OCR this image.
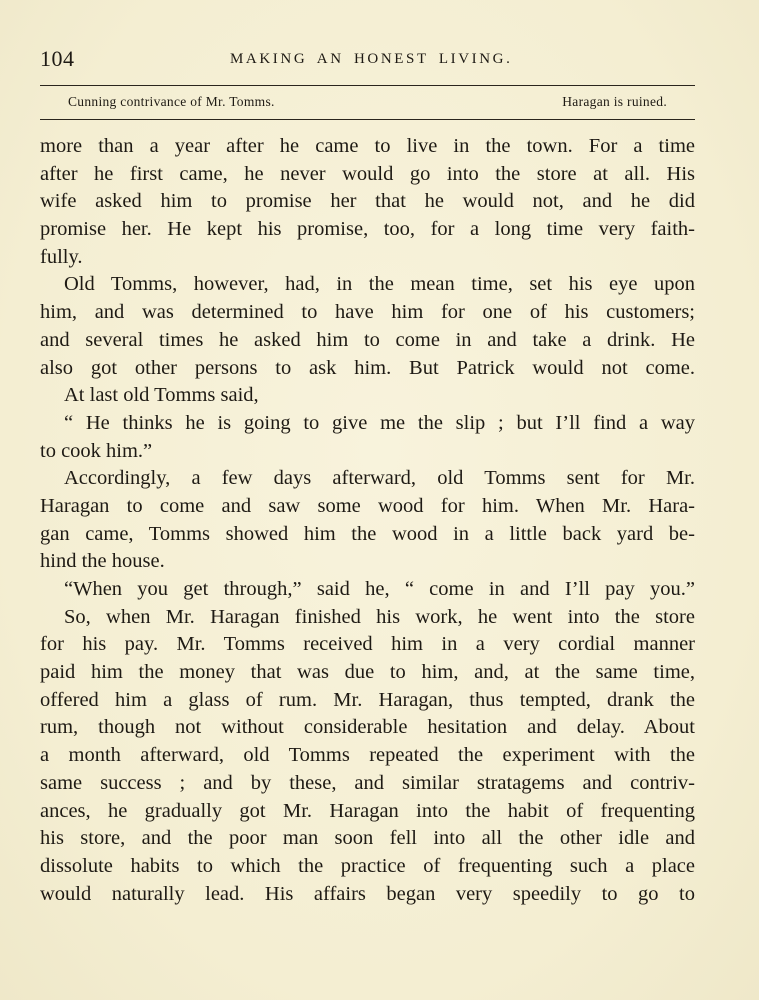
104	MAKING AN HONEST LIVING.
Cunning contrivance of Mr. Tomms.	Haragan is ruined.
more than a year after he came to live in the town. For a time
after he first came, he never would go into the store at all. His
wife asked him to promise her that he would not, and he did
promise her. He kept his promise, too, for a long time very faith-
fully.
Old Tomms, however, had, in the mean time, set his eye upon
him, and was determined to have him for one of his customers;
and several times he asked him to come in and take a drink. He
also got other persons to ask him. But Patrick would not come.
At last old Tomms said,
“ He thinks he is going to give me the slip ; but I’ll find a way
to cook him.”
Accordingly, a few days afterward, old Tomms sent for Mr.
Haragan to come and saw some wood for him. When Mr. Hara-
gan came, Tomms showed him the wood in a little back yard be-
hind the house.
“When you get through,” said he, “ come in and I’ll pay you.”
So, when Mr. Haragan finished his work, he went into the store
for his pay. Mr. Tomms received him in a very cordial manner
paid him the money that was due to him, and, at the same time,
offered him a glass of rum. Mr. Haragan, thus tempted, drank the
rum, though not without considerable hesitation and delay. About
a month afterward, old Tomms repeated the experiment with the
same success ; and by these, and similar stratagems and contriv-
ances, he gradually got Mr. Haragan into the habit of frequenting
his store, and the poor man soon fell into all the other idle and
dissolute habits to which the practice of frequenting such a place
would naturally lead. His affairs began very speedily to go to
